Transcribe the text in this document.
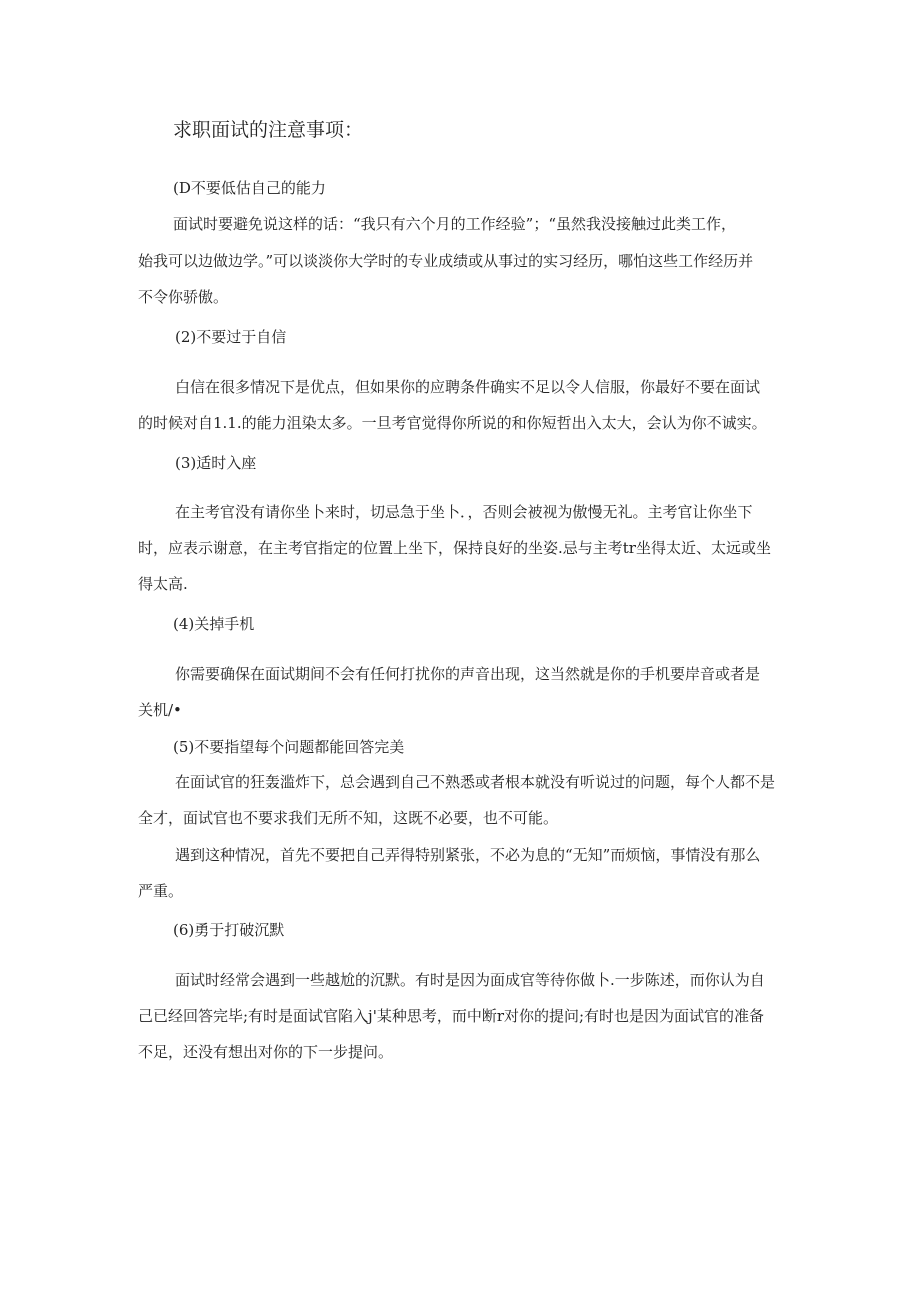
求职面试的注意事项：
(D不要低估自己的能力
面试时要避免说这样的话：“我只有六个月的工作经验”；“虽然我没接触过此类工作，
始我可以边做边学。”可以谈淡你大学时的专业成绩或从事过的实习经历，哪怕这些工作经历并
不令你骄傲。
(2)不要过于自信
白信在很多情况下是优点，但如果你的应聘条件确实不足以令人信服，你最好不要在面试
的时候对自1.1.的能力沮染太多。一旦考官觉得你所说的和你短哲出入太大，会认为你不诚实。
(3)适时入座
在主考官没有请你坐卜来时，切忌急于坐卜．，否则会被视为傲慢无礼。主考官让你坐下
时，应表示谢意，在主考官指定的位置上坐下，保持良好的坐姿.忌与主考tr坐得太近、太远或坐
得太高.
(4)关掉手机
你需要确保在面试期间不会有任何打扰你的声音出现，这当然就是你的手机要岸音或者是
关机/•
(5)不要指望每个问题都能回答完美
在面试官的狂轰滥炸下，总会遇到自己不熟悉或者根本就没有听说过的问题，每个人都不是
全才，面试官也不要求我们无所不知，这既不必要，也不可能。
遇到这种情况，首先不要把自己弄得特别紧张，不必为息的“无知”而烦恼，事情没有那么
严重。
(6)勇于打破沉默
面试时经常会遇到一些越尬的沉默。有时是因为面成官等待你做卜.一步陈述，而你认为自
己已经回答完毕;有时是面试官陷入j'某种思考，而中断r对你的提问;有时也是因为面试官的准备
不足，还没有想出对你的下一步提问。
